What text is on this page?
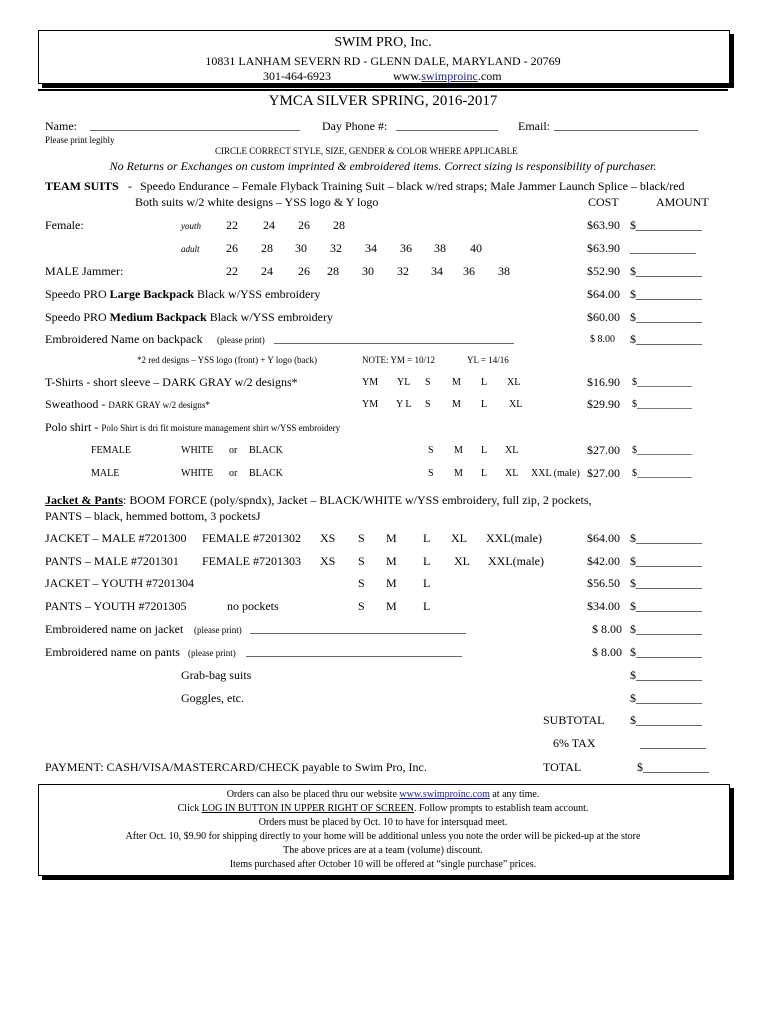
SWIM PRO, Inc.
10831 LANHAM SEVERN RD - GLENN DALE, MARYLAND - 20769
301-464-6923	www.swimproinc.com
YMCA SILVER SPRING, 2016-2017
Name: ___________________________________ Day Phone #: _________________ Email: ________________________
Please print legibly
CIRCLE CORRECT STYLE, SIZE, GENDER & COLOR WHERE APPLICABLE
No Returns or Exchanges on custom imprinted & embroidered items. Correct sizing is responsibility of purchaser.
TEAM SUITS - Speedo Endurance – Female Flyback Training Suit – black w/red straps; Male Jammer Launch Splice – black/red
Both suits w/2 white designs – YSS logo & Y logo	COST	AMOUNT
Female:	youth 22 24 26 28	$63.90 $___________
adult 26 28 30 32 34 36 38 40	$63.90 ___________
MALE Jammer:	22 24 26 28 30 32 34 36 38	$52.90 $___________
Speedo PRO Large Backpack Black w/YSS embroidery	$64.00 $___________
Speedo PRO Medium Backpack Black w/YSS embroidery	$60.00 $___________
Embroidered Name on backpack (please print) ________________________________________	$ 8.00 $___________
*2 red designs – YSS logo (front) + Y logo (back)	NOTE: YM = 10/12	YL = 14/16
T-Shirts - short sleeve – DARK GRAY w/2 designs*	YM YL S M L XL	$16.90 $___________
Sweathood - DARK GRAY w/2 designs*	YM Y L S M L XL	$29.90 $___________
Polo shirt - Polo Shirt is dri fit moisture management shirt w/YSS embroidery
FEMALE	WHITE or BLACK	S M L XL	$27.00 $___________
MALE	WHITE or BLACK	S M L XL XXL (male) $27.00 $___________
Jacket & Pants: BOOM FORCE (poly/spndx), Jacket – BLACK/WHITE w/YSS embroidery, full zip, 2 pockets,
PANTS – black, hemmed bottom, 3 pocketsJ
JACKET – MALE #7201300 FEMALE #7201302 XS S M L XL XXL(male)	$64.00 $___________
PANTS – MALE #7201301 FEMALE #7201303 XS S M L XL XXL(male)	$42.00 $___________
JACKET – YOUTH #7201304	S M L	$56.50 $___________
PANTS – YOUTH #7201305	no pockets	S M L	$34.00 $___________
Embroidered name on jacket (please print) ____________________________________	$ 8.00 $___________
Embroidered name on pants (please print) ____________________________________	$ 8.00 $___________
Grab-bag suits	$___________
Goggles, etc.	$___________
SUBTOTAL $___________
6% TAX	___________
PAYMENT: CASH/VISA/MASTERCARD/CHECK payable to Swim Pro, Inc.	TOTAL	$___________
Orders can also be placed thru our website www.swimproinc.com at any time.
Click LOG IN BUTTON IN UPPER RIGHT OF SCREEN. Follow prompts to establish team account.
Orders must be placed by Oct. 10 to have for intersquad meet.
After Oct. 10, $9.90 for shipping directly to your home will be additional unless you note the order will be picked-up at the store
The above prices are at a team (volume) discount.
Items purchased after October 10 will be offered at “single purchase” prices.
